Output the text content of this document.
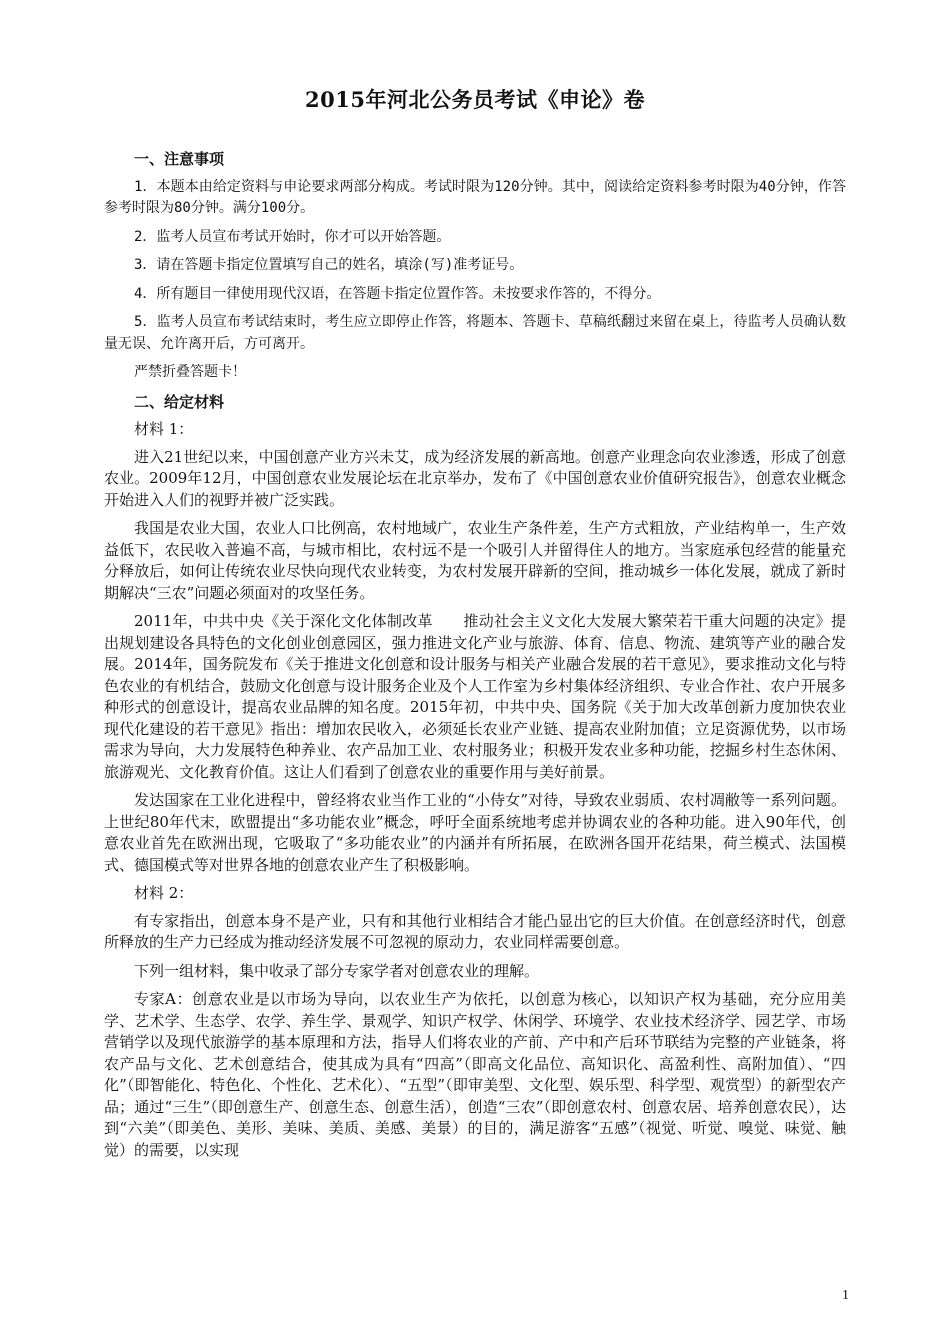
2015年河北公务员考试《申论》卷
一、注意事项
1．本题本由给定资料与申论要求两部分构成。考试时限为120分钟。其中，阅读给定资料参考时限为40分钟，作答参考时限为80分钟。满分100分。
2．监考人员宣布考试开始时，你才可以开始答题。
3．请在答题卡指定位置填写自己的姓名，填涂(写)准考证号。
4．所有题目一律使用现代汉语，在答题卡指定位置作答。未按要求作答的，不得分。
5．监考人员宣布考试结束时，考生应立即停止作答，将题本、答题卡、草稿纸翻过来留在桌上，待监考人员确认数量无误、允许离开后，方可离开。
严禁折叠答题卡！
二、给定材料
材料 1：
进入21世纪以来，中国创意产业方兴未艾，成为经济发展的新高地。创意产业理念向农业渗透，形成了创意农业。2009年12月，中国创意农业发展论坛在北京举办，发布了《中国创意农业价值研究报告》，创意农业概念开始进入人们的视野并被广泛实践。
我国是农业大国，农业人口比例高，农村地域广，农业生产条件差，生产方式粗放，产业结构单一，生产效益低下，农民收入普遍不高，与城市相比，农村远不是一个吸引人并留得住人的地方。当家庭承包经营的能量充分释放后，如何让传统农业尽快向现代农业转变，为农村发展开辟新的空间，推动城乡一体化发展，就成了新时期解决“三农”问题必须面对的攻坚任务。
2011年，中共中央《关于深化文化体制改革　　推动社会主义文化大发展大繁荣若干重大问题的决定》提出规划建设各具特色的文化创业创意园区，强力推进文化产业与旅游、体育、信息、物流、建筑等产业的融合发展。2014年，国务院发布《关于推进文化创意和设计服务与相关产业融合发展的若干意见》，要求推动文化与特色农业的有机结合，鼓励文化创意与设计服务企业及个人工作室为乡村集体经济组织、专业合作社、农户开展多种形式的创意设计，提高农业品牌的知名度。2015年初，中共中央、国务院《关于加大改革创新力度加快农业现代化建设的若干意见》指出：增加农民收入，必须延长农业产业链、提高农业附加值；立足资源优势，以市场需求为导向，大力发展特色种养业、农产品加工业、农村服务业；积极开发农业多种功能，挖掘乡村生态休闲、旅游观光、文化教育价值。这让人们看到了创意农业的重要作用与美好前景。
发达国家在工业化进程中，曾经将农业当作工业的“小侍女”对待，导致农业弱质、农村凋敝等一系列问题。上世纪80年代末，欧盟提出“多功能农业”概念，呼吁全面系统地考虑并协调农业的各种功能。进入90年代，创意农业首先在欧洲出现，它吸取了“多功能农业”的内涵并有所拓展，在欧洲各国开花结果，荷兰模式、法国模式、德国模式等对世界各地的创意农业产生了积极影响。
材料 2：
有专家指出，创意本身不是产业，只有和其他行业相结合才能凸显出它的巨大价值。在创意经济时代，创意所释放的生产力已经成为推动经济发展不可忽视的原动力，农业同样需要创意。
下列一组材料，集中收录了部分专家学者对创意农业的理解。
专家A：创意农业是以市场为导向，以农业生产为依托，以创意为核心，以知识产权为基础，充分应用美学、艺术学、生态学、农学、养生学、景观学、知识产权学、休闲学、环境学、农业技术经济学、园艺学、市场营销学以及现代旅游学的基本原理和方法，指导人们将农业的产前、产中和产后环节联结为完整的产业链条，将农产品与文化、艺术创意结合，使其成为具有“四高”（即高文化品位、高知识化、高盈利性、高附加值）、“四化”（即智能化、特色化、个性化、艺术化）、“五型”（即审美型、文化型、娱乐型、科学型、观赏型）的新型农产品；通过“三生”（即创意生产、创意生态、创意生活），创造“三农”（即创意农村、创意农居、培养创意农民），达到“六美”（即美色、美形、美味、美质、美感、美景）的目的，满足游客“五感”（视觉、听觉、嗅觉、味觉、触觉）的需要，以实现
1
